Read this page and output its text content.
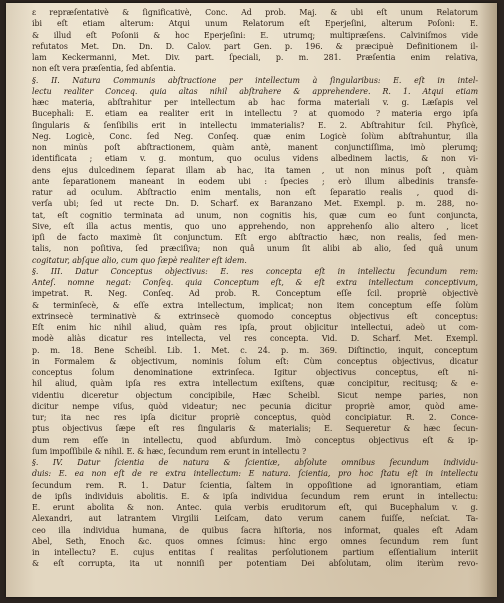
ε repræſentativè & ſignificativè, Conc. Ad prob. Maj. & ubi eſt unum Relatorum
ibi eſt etiam alterum: Atqui unum Relatorum eſt Eperjeſini, alterum Poſoni: E.
& illud eſt Poſonii & hoc Eperjeſini: E. utrumq; multipræſens. Calviniſmos vide
refutatos Met. Dn. Dn. D. Calov. part Gen. p. 196. & præcipuè Definitionem il-
lam Keckermanni, Met. Div. part. ſpeciali, p. m. 281. Præſentia enim relativa,
non eſt vera præſentia, ſed abſentia.
§. II. Natura Communis abſtractione per intellectum à ſingularibus: E. eſt in intel-
lectu realiter Conceq. quia altas nihil abſtrahere & apprehendere. R. 1. Atqui etiam
hæc materia, abſtrahitur per intellectum ab hac forma materiali v. g. Læſapis vel
Bucephali: E. etiam ea realiter erit in intellectu ? at quomodo ? materia ergo ipſa
ſingularis & ſenſibilis erit in intellectu immaterialis? E. 2. Abſtrahitur ſcil. Phyſicè,
Neg. Logicè, Conc. ſed Neg. Conſeq. quæ enim Logicè ſolùm abſtrahuntur, illa
non minùs poſt abſtractionem, quàm antè, manent conjunctiſſima, imò plerumq;
identificata ; etiam v. g. montum, quo oculus videns albedinem lactis, & non vi-
dens ejus dulcedinem ſeparat illam ab hac, ita tamen , ut non minus poſt , quàm
ante ſeparationem maneant in eodem ubi : ſpecies ; erò illum albedinis transfe-
ratur ad oculum. Abſtractio enim mentalis, non eſt ſeparatio realis , quod di-
verſa ubi; ſed ut recte Dn. D. Scharf. ex Baranzano Met. Exempl. p. m. 288, no-
tat, eſt cognitio terminata ad unum, non cognitis his, quæ cum eo ſunt conjuncta,
Sive, eſt illa actus mentis, quo uno apprehendo, non apprehenſo alio altero , licet
ipſi de facto maximè ſit conjunctum. Eſt ergo abſtractio hæc, non realis, ſed men-
talis, non poſitiva, ſed præciſiva; non quâ unum ſit alibi ab alio, ſed quâ unum
cogitatur, abſque alio, cum quo ſæpè realiter eſt idem.
§. III. Datur Conceptus objectivus: E. res concepta eſt in intellectu ſecundum rem:
Anteſ. nomne negat: Conſeq. quia Conceptum eſt, & eſt extra intellectum conceptivum,
impetrat. R. Neg. Conſeq. Ad prob. R. Conceptum eſſe ſcil. propriè objectivè
& terminſecè, & eſſe extra intellectum, implicat; non item conceptum eſſe ſolùm
extrinsecè terminativè & extrinsecè quomodo conceptus objectivus eſt conceptus:
Eſt enim hic nihil aliud, quàm res ipſa, prout objicitur intellectui, adeò ut com-
modè aliàs dicatur res intellecta, vel res concepta. Vid. D. Scharf. Met. Exempl.
p. m. 18. Bene Scheibl. Lib. 1. Met. c. 24. p. m. 369. Diſtinctio, inquit, conceptum
in Formalem & objectivum, nominis ſolum eſt: Cùm conceptus objectivus, dicatur
conceptus ſolum denominatione extrinſeca. Igitur objectivus conceptus, eſt ni-
hil aliud, quàm ipſa res extra intellectum exiſtens, quæ concipitur, recitusq; & e-
videntiu diceretur objectum concipibile, Hæc Scheibl. Sicut nempe paries, non
dicitur nempe viſus, quòd videatur; nec pecunia dicitur propriè amor, quòd ame-
tur; ita nec res ipſa dicitur propriè conceptus, quòd concipiatur. R. 2. Conce-
ptus objectivus ſæpe eſt res ſingularis & materialis; E. Sequeretur & hæc ſecun-
dum rem eſſe in intellectu, quod abſurdum. Imò conceptus objectivus eſt & ip-
ſum impoſſibile & nihil. E. & hæc, ſecundum rem erunt in intellectu ?
§. IV. Datur ſcientia de natura & ſcientiæ, abſolute omnibus ſecundum individu-
duis: E. ea non eſt de re extra intellectum: E natura. ſcientia, pro hoc ſtatu eſt in intellectu
ſecundum rem. R. 1. Datur ſcientia, ſaltem in oppoſitione ad ignorantiam, etiam
de ipſis individuis abolitis. E. & ipſa individua ſecundum rem erunt in intellectu:
E. erunt abolita & non. Antec. quia verbis eruditorum eſt, qui Bucephalum v. g.
Alexandri, aut latrantem Virgilii Leiſcam, dato verum canem fuiſſe, neſciat. Ta-
ceo illa individua humana, de quibus ſacra hiſtoria, nos informat, quales eſt Adam
Abel, Seth, Enoch &c. quos omnes ſcimus: hinc ergo omnes ſecundum rem ſunt
in intellectu? E. cujus entitas ſ realitas perſolutionem partium eſſentialium interiit
& eſt corrupta, ita ut nonniſi per potentiam Dei abſolutam, olim iterùm revo-
